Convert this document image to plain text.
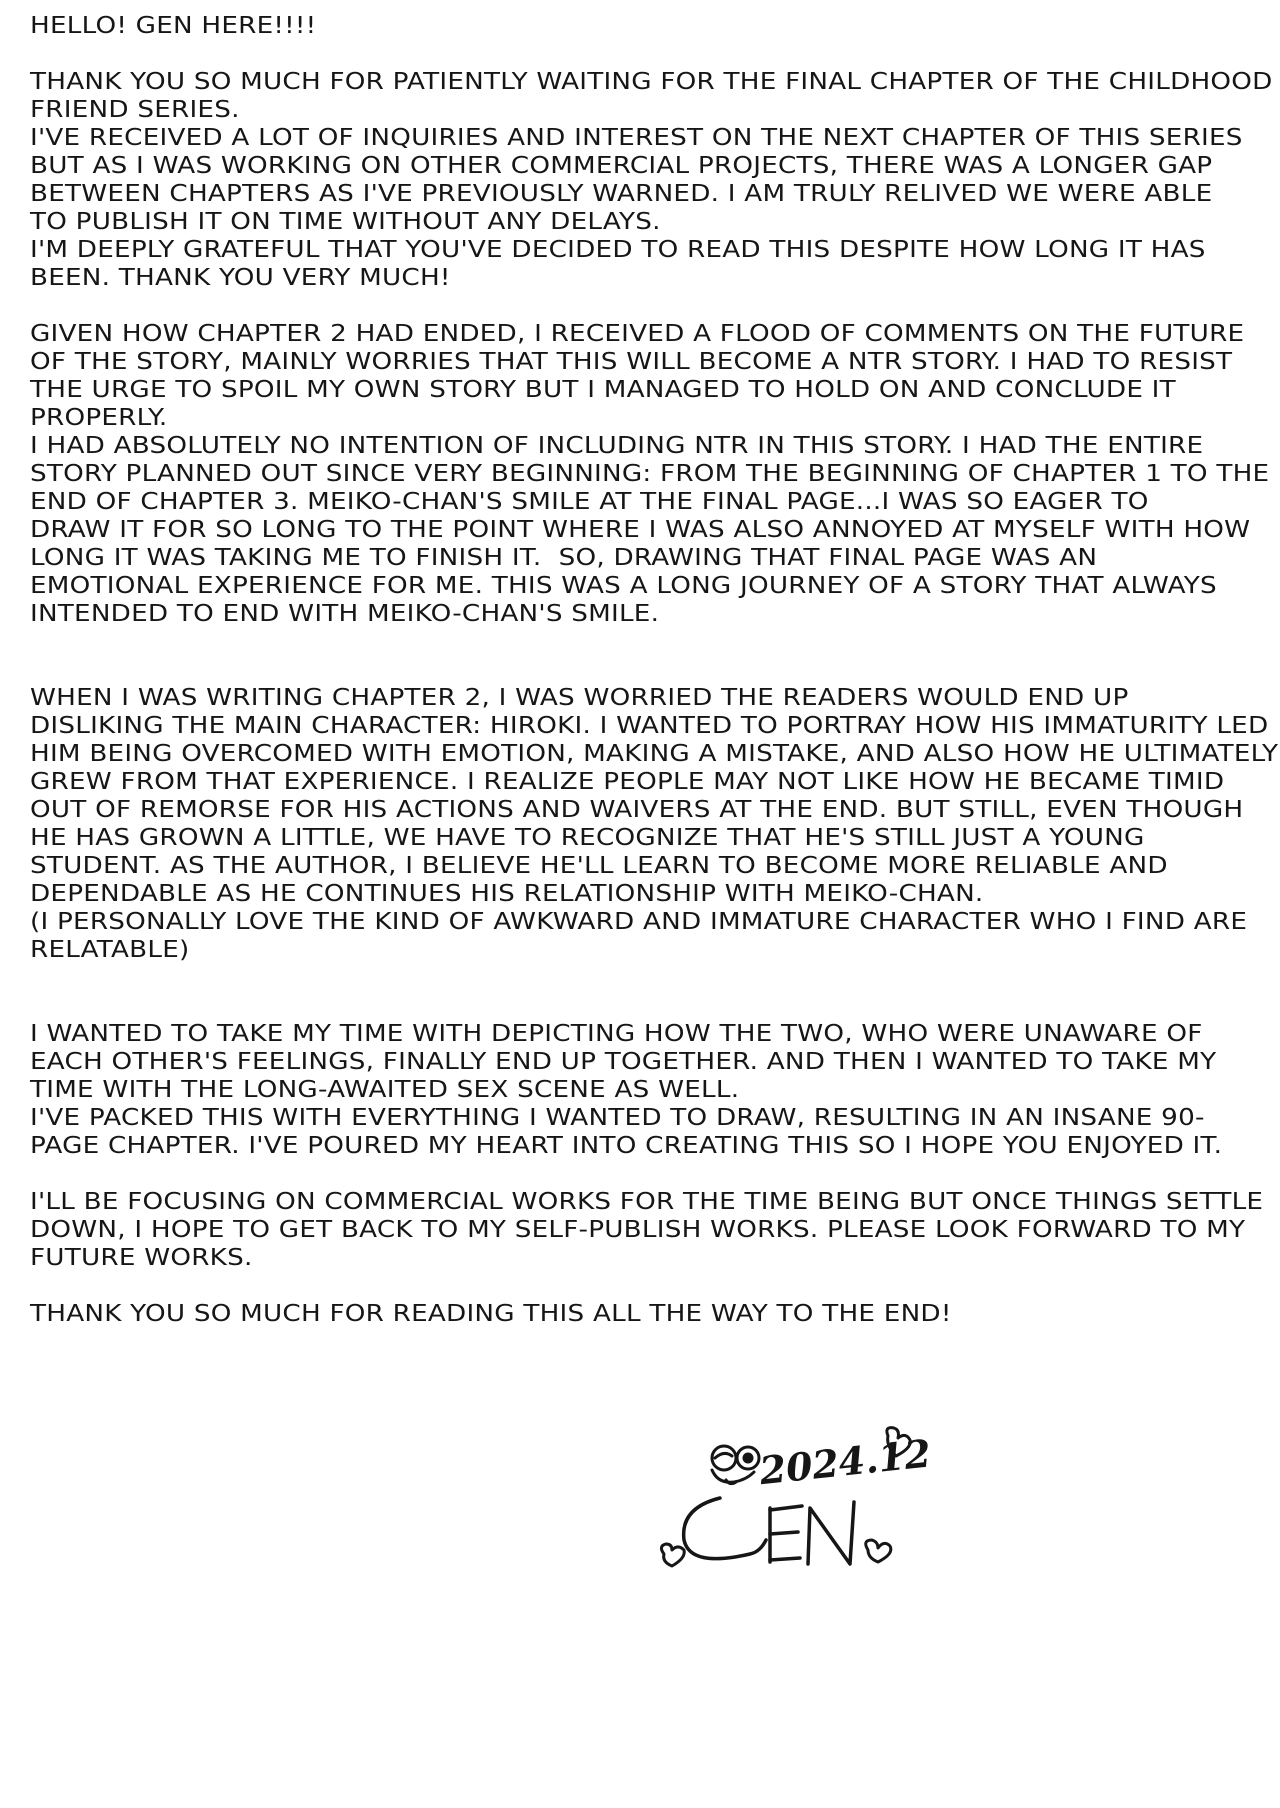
HELLO! GEN HERE!!!!

THANK YOU SO MUCH FOR PATIENTLY WAITING FOR THE FINAL CHAPTER OF THE CHILDHOOD
FRIEND SERIES.
I'VE RECEIVED A LOT OF INQUIRIES AND INTEREST ON THE NEXT CHAPTER OF THIS SERIES
BUT AS I WAS WORKING ON OTHER COMMERCIAL PROJECTS, THERE WAS A LONGER GAP
BETWEEN CHAPTERS AS I'VE PREVIOUSLY WARNED. I AM TRULY RELIVED WE WERE ABLE
TO PUBLISH IT ON TIME WITHOUT ANY DELAYS.
I'M DEEPLY GRATEFUL THAT YOU'VE DECIDED TO READ THIS DESPITE HOW LONG IT HAS
BEEN. THANK YOU VERY MUCH!

GIVEN HOW CHAPTER 2 HAD ENDED, I RECEIVED A FLOOD OF COMMENTS ON THE FUTURE
OF THE STORY, MAINLY WORRIES THAT THIS WILL BECOME A NTR STORY. I HAD TO RESIST
THE URGE TO SPOIL MY OWN STORY BUT I MANAGED TO HOLD ON AND CONCLUDE IT
PROPERLY.
I HAD ABSOLUTELY NO INTENTION OF INCLUDING NTR IN THIS STORY. I HAD THE ENTIRE
STORY PLANNED OUT SINCE VERY BEGINNING: FROM THE BEGINNING OF CHAPTER 1 TO THE
END OF CHAPTER 3. MEIKO-CHAN'S SMILE AT THE FINAL PAGE...I WAS SO EAGER TO
DRAW IT FOR SO LONG TO THE POINT WHERE I WAS ALSO ANNOYED AT MYSELF WITH HOW
LONG IT WAS TAKING ME TO FINISH IT.  SO, DRAWING THAT FINAL PAGE WAS AN
EMOTIONAL EXPERIENCE FOR ME. THIS WAS A LONG JOURNEY OF A STORY THAT ALWAYS
INTENDED TO END WITH MEIKO-CHAN'S SMILE.

WHEN I WAS WRITING CHAPTER 2, I WAS WORRIED THE READERS WOULD END UP
DISLIKING THE MAIN CHARACTER: HIROKI. I WANTED TO PORTRAY HOW HIS IMMATURITY LED
HIM BEING OVERCOMED WITH EMOTION, MAKING A MISTAKE, AND ALSO HOW HE ULTIMATELY
GREW FROM THAT EXPERIENCE. I REALIZE PEOPLE MAY NOT LIKE HOW HE BECAME TIMID
OUT OF REMORSE FOR HIS ACTIONS AND WAIVERS AT THE END. BUT STILL, EVEN THOUGH
HE HAS GROWN A LITTLE, WE HAVE TO RECOGNIZE THAT HE'S STILL JUST A YOUNG
STUDENT. AS THE AUTHOR, I BELIEVE HE'LL LEARN TO BECOME MORE RELIABLE AND
DEPENDABLE AS HE CONTINUES HIS RELATIONSHIP WITH MEIKO-CHAN.
(I PERSONALLY LOVE THE KIND OF AWKWARD AND IMMATURE CHARACTER WHO I FIND ARE
RELATABLE)

I WANTED TO TAKE MY TIME WITH DEPICTING HOW THE TWO, WHO WERE UNAWARE OF
EACH OTHER'S FEELINGS, FINALLY END UP TOGETHER. AND THEN I WANTED TO TAKE MY
TIME WITH THE LONG-AWAITED SEX SCENE AS WELL.
I'VE PACKED THIS WITH EVERYTHING I WANTED TO DRAW, RESULTING IN AN INSANE 90-
PAGE CHAPTER. I'VE POURED MY HEART INTO CREATING THIS SO I HOPE YOU ENJOYED IT.

I'LL BE FOCUSING ON COMMERCIAL WORKS FOR THE TIME BEING BUT ONCE THINGS SETTLE
DOWN, I HOPE TO GET BACK TO MY SELF-PUBLISH WORKS. PLEASE LOOK FORWARD TO MY
FUTURE WORKS.

THANK YOU SO MUCH FOR READING THIS ALL THE WAY TO THE END!
2024.12
